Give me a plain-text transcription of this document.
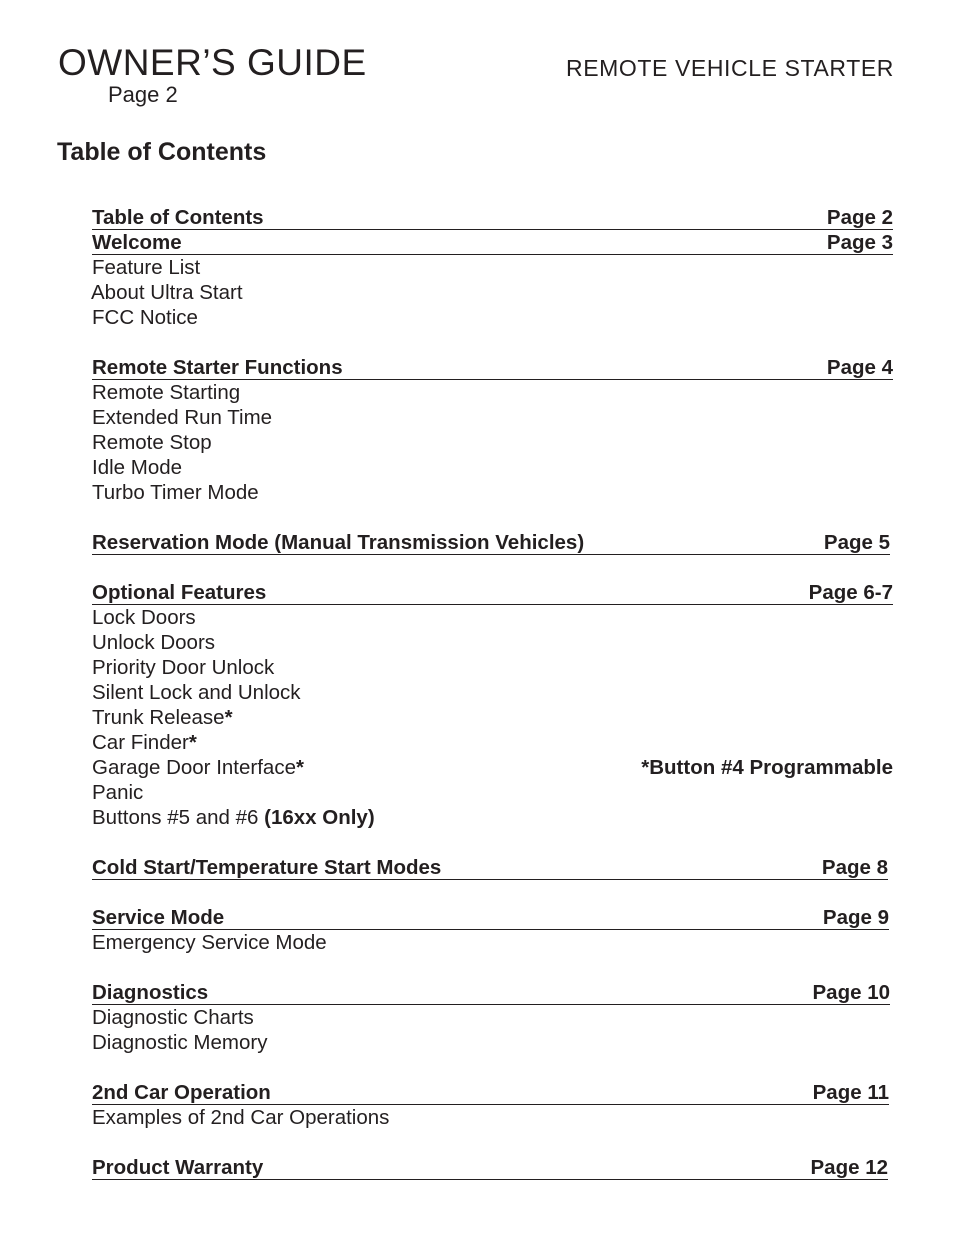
OWNER’S GUIDE
Page 2
REMOTE VEHICLE STARTER
Table of Contents
Table of Contents	Page 2
Welcome	Page 3
Feature List
About Ultra Start
FCC Notice
Remote Starter Functions	Page 4
Remote Starting
Extended Run Time
Remote Stop
Idle Mode
Turbo Timer Mode
Reservation Mode (Manual Transmission Vehicles)	Page 5
Optional Features	Page 6-7
Lock Doors
Unlock Doors
Priority Door Unlock
Silent Lock and Unlock
Trunk Release*
Car Finder*
Garage Door Interface*	*Button #4 Programmable
Panic
Buttons #5 and #6 (16xx Only)
Cold Start/Temperature Start Modes	Page 8
Service Mode	Page 9
Emergency Service Mode
Diagnostics	Page 10
Diagnostic Charts
Diagnostic Memory
2nd Car Operation	Page 11
Examples of 2nd Car Operations
Product Warranty	Page 12
